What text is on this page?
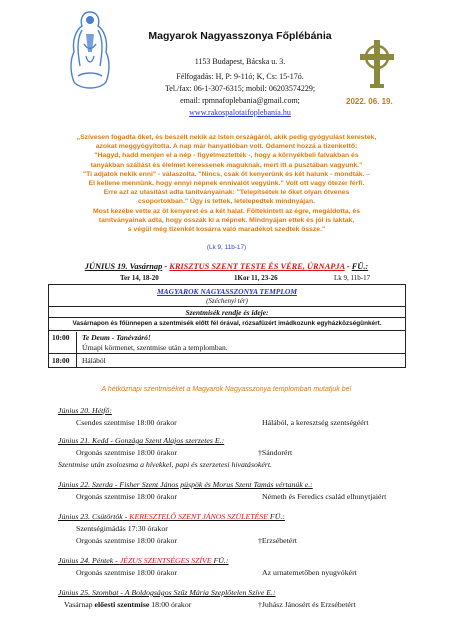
Magyarok Nagyasszonya Főplébánia
1153 Budapest, Bácska u. 3.
Félfogadás: H, P: 9-11ó; K, Cs: 15-17ó.
Tel./fax: 06-1-307-6315; mobil: 06203574229;
email: rpmnafoplebania@gmail.com;
www.rakospalotaifoplebania.hu
2022. 06. 19.
„Szívesen fogadta őket, és beszélt nekik az Isten országáról, akik pedig gyógyulást kerestek,
azokat meggyógyította. A nap már hanyatlóban volt. Odament hozzá a tizenkettő:
"Hagyd, hadd menjen el a nép - figyelmeztették -, hogy a környékbeli falvakban és
tanyákban szállást és élelmet keressenek maguknak, mert itt a pusztában vagyunk."
"Ti adjatok nekik enni" - válaszolta. "Nincs, csak öt kenyerünk és két halunk - mondták. –
El kellene mennünk, hogy ennyi népnek ennivalót vegyünk." Volt ott vagy ötezer férfi.
Erre azt az utasítást adta tanítványainak: "Telepítsétek le őket olyan ötvenes
csoportokban." Úgy is tettek, letelepedtek mindnyájan.
Most kezébe vette az öt kenyeret és a két halat. Föltekintett az égre, megáldotta, és
tanítványainak adta, hogy osszák ki a népnek. Mindnyájan ettek és jól is laktak,
s végül még tizenkét kosárra való maradékot szedtek össze."
(Lk 9, 11b-17)
JÚNIUS 19. Vasárnap - KRISZTUS SZENT TESTE ÉS VÉRE, ÚRNAPJA - FÜ.:
Ter 14, 18-20	1Kor 11, 23-26	Lk 9, 11b-17
MAGYAROK NAGYASSZONYA TEMPLOM
(Széchenyi tér)
Szentmisék rendje és ideje:
Vasárnapon és főünnepen a szentmisék előtt fél órával, rózsafüzért imádkozunk egyházközségünkért.
10:00 Te Deum - Tanévzáró!
Úrnapi körmenet, szentmise után a templomban.
18:00 Hálából
A hétköznapi szentmiséket a Magyarok Nagyasszonya templomban mutatjuk be!
Június 20. Hétfő:
Csendes szentmise 18:00 órakor	Hálából, a keresztség szentségéért
Június 21. Kedd - Gonzága Szent Alajos szerzetes E.:
Orgonás szentmise 18:00 órakor	†Sándorért
Szentmise után zsolozsma a hívekkel, papi és szerzetesi hivatásokért.
Június 22. Szerda - Fisher Szent János püspök és Morus Szent Tamás vértanúk e.:
Orgonás szentmise 18:00 órakor	Németh és Feredics család elhunytjaiért
Június 23. Csütörtök - KERESZTELŐ SZENT JÁNOS SZÜLETÉSE FÜ.:
Szentségimádás 17:30 órakor
Orgonás szentmise 18:00 órakor	†Erzsébetért
Június 24. Péntek - JÉZUS SZENTSÉGES SZÍVE FÜ.:
Orgonás szentmise 18:00 órakor	Az urnatemetőben nyugvókért
Június 25. Szombat - A Boldogságos Szűz Mária Szeplőtelen Szíve E.:
Vasárnap előesti szentmise 18:00 órakor	†Juhász Jánosért és Erzsébetért
